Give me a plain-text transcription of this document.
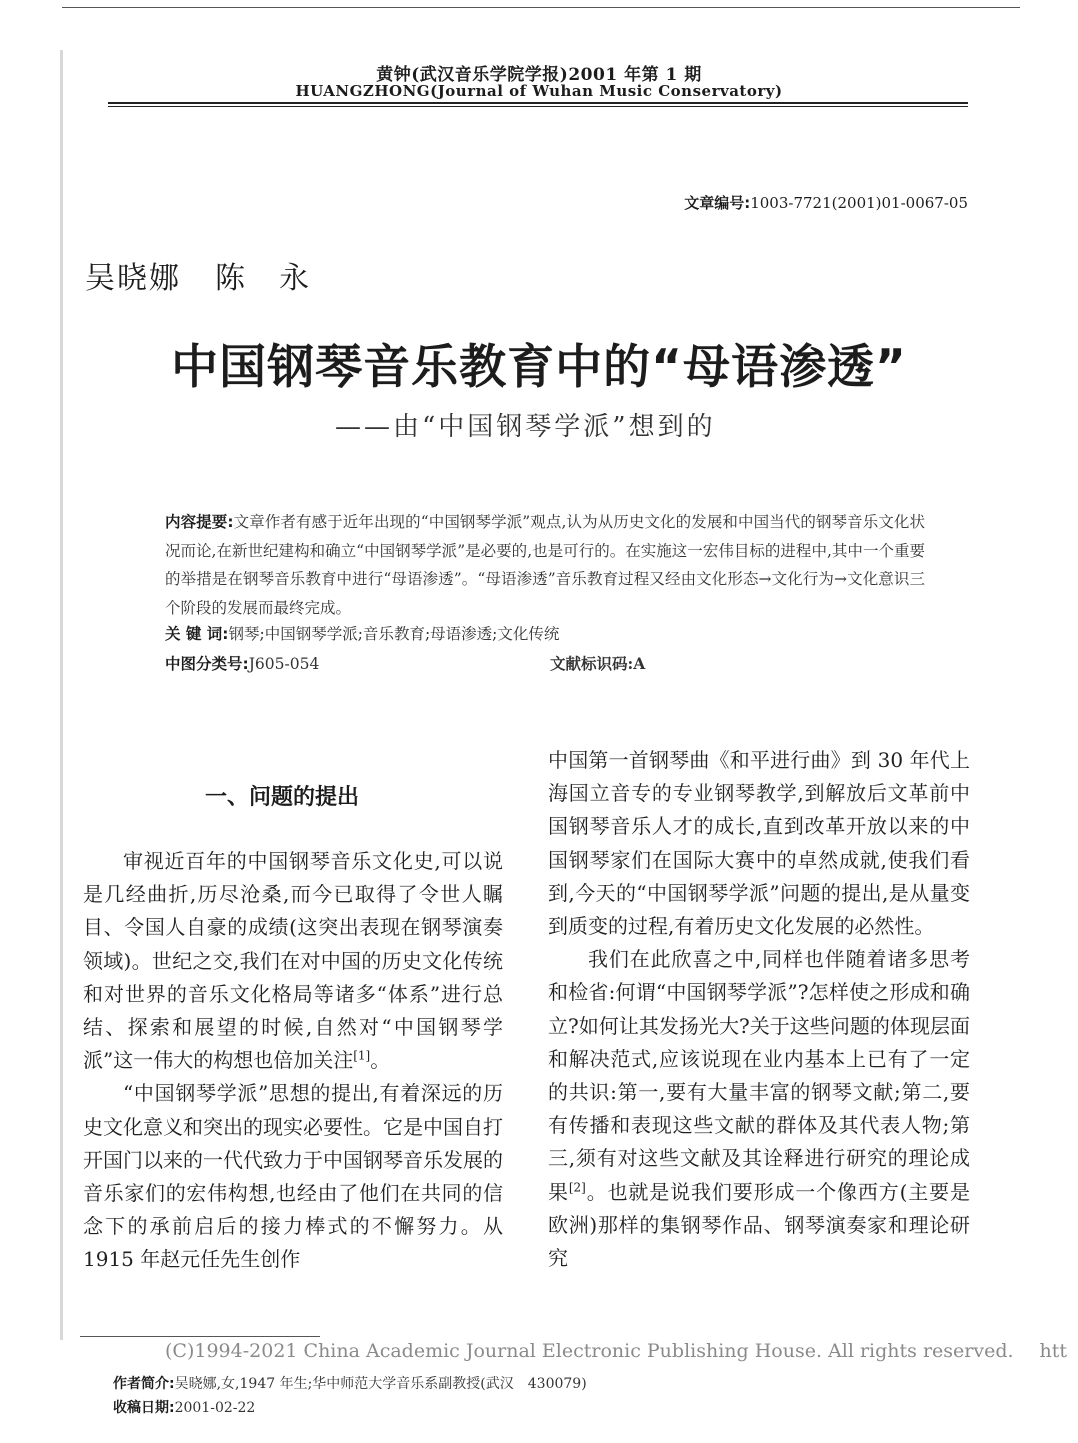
黄钟(武汉音乐学院学报)2001 年第 1 期
HUANGZHONG(Journal of Wuhan Music Conservatory)
文章编号:1003-7721(2001)01-0067-05
吴晓娜 陈　永
中国钢琴音乐教育中的“母语渗透”
——由“中国钢琴学派”想到的
内容提要:文章作者有感于近年出现的“中国钢琴学派”观点,认为从历史文化的发展和中国当代的钢琴音乐文化状况而论,在新世纪建构和确立“中国钢琴学派”是必要的,也是可行的。在实施这一宏伟目标的进程中,其中一个重要的举措是在钢琴音乐教育中进行“母语渗透”。“母语渗透”音乐教育过程又经由文化形态→文化行为→文化意识三个阶段的发展而最终完成。
关 键 词:钢琴;中国钢琴学派;音乐教育;母语渗透;文化传统
中图分类号:J605-054	文献标识码:A
一、问题的提出

审视近百年的中国钢琴音乐文化史,可以说是几经曲折,历尽沧桑,而今已取得了令世人瞩目、令国人自豪的成绩(这突出表现在钢琴演奏领域)。世纪之交,我们在对中国的历史文化传统和对世界的音乐文化格局等诸多“体系”进行总结、探索和展望的时候,自然对“中国钢琴学派”这一伟大的构想也倍加关注[1]。

“中国钢琴学派”思想的提出,有着深远的历史文化意义和突出的现实必要性。它是中国自打开国门以来的一代代致力于中国钢琴音乐发展的音乐家们的宏伟构想,也经由了他们在共同的信念下的承前启后的接力棒式的不懈努力。从 1915 年赵元任先生创作

中国第一首钢琴曲《和平进行曲》到 30 年代上海国立音专的专业钢琴教学,到解放后文革前中国钢琴音乐人才的成长,直到改革开放以来的中国钢琴家们在国际大赛中的卓然成就,使我们看到,今天的“中国钢琴学派”问题的提出,是从量变到质变的过程,有着历史文化发展的必然性。

我们在此欣喜之中,同样也伴随着诸多思考和检省:何谓“中国钢琴学派”?怎样使之形成和确立?如何让其发扬光大?关于这些问题的体现层面和解决范式,应该说现在业内基本上已有了一定的共识:第一,要有大量丰富的钢琴文献;第二,要有传播和表现这些文献的群体及其代表人物;第三,须有对这些文献及其诠释进行研究的理论成果[2]。也就是说我们要形成一个像西方(主要是欧洲)那样的集钢琴作品、钢琴演奏家和理论研究

(C)1994-2021 China Academic Journal Electronic Publishing House. All rights reserved. htt
作者简介:吴晓娜,女,1947 年生;华中师范大学音乐系副教授(武汉　430079)
收稿日期:2001-02-22
